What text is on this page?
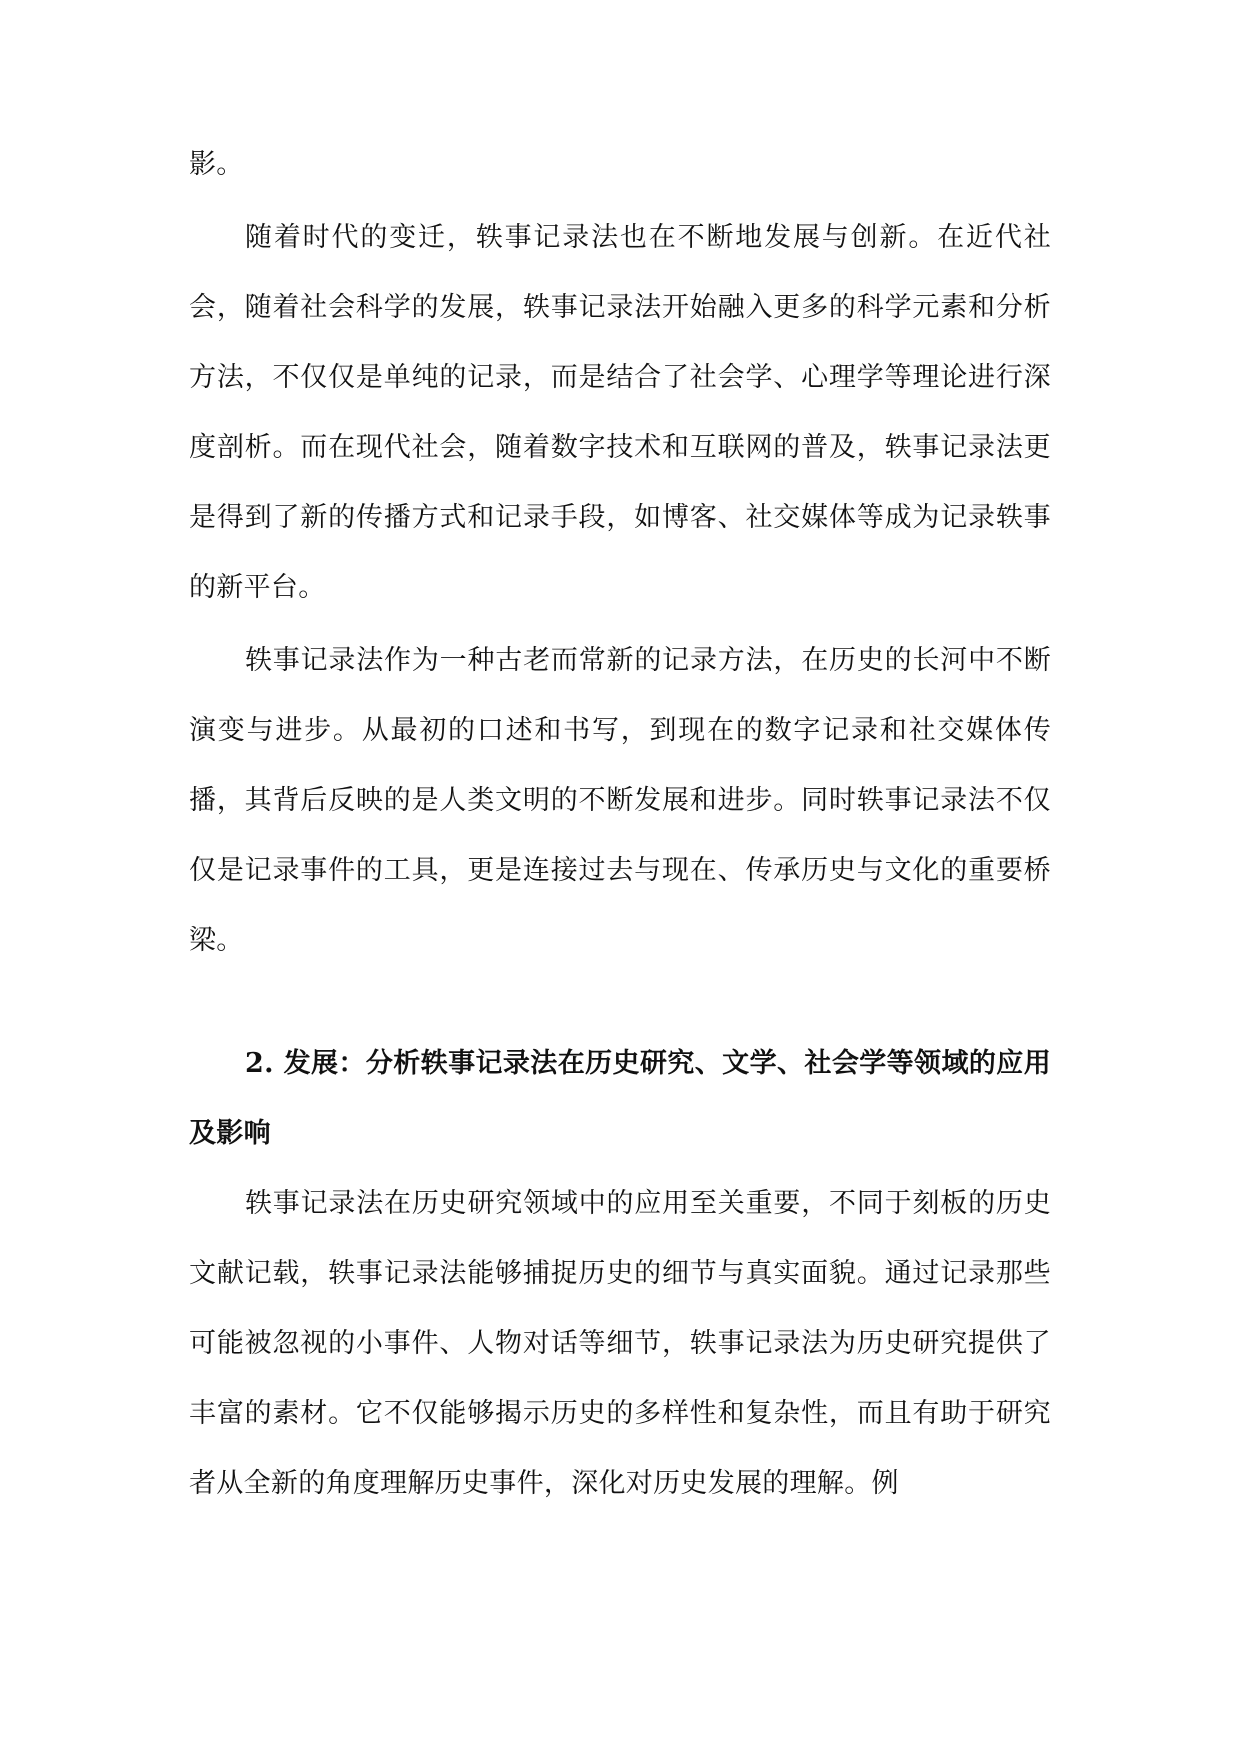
影。

随着时代的变迁，轶事记录法也在不断地发展与创新。在近代社会，随着社会科学的发展，轶事记录法开始融入更多的科学元素和分析方法，不仅仅是单纯的记录，而是结合了社会学、心理学等理论进行深度剖析。而在现代社会，随着数字技术和互联网的普及，轶事记录法更是得到了新的传播方式和记录手段，如博客、社交媒体等成为记录轶事的新平台。

轶事记录法作为一种古老而常新的记录方法，在历史的长河中不断演变与进步。从最初的口述和书写，到现在的数字记录和社交媒体传播，其背后反映的是人类文明的不断发展和进步。同时轶事记录法不仅仅是记录事件的工具，更是连接过去与现在、传承历史与文化的重要桥梁。

2. 发展：分析轶事记录法在历史研究、文学、社会学等领域的应用及影响

轶事记录法在历史研究领域中的应用至关重要，不同于刻板的历史文献记载，轶事记录法能够捕捉历史的细节与真实面貌。通过记录那些可能被忽视的小事件、人物对话等细节，轶事记录法为历史研究提供了丰富的素材。它不仅能够揭示历史的多样性和复杂性，而且有助于研究者从全新的角度理解历史事件，深化对历史发展的理解。例
